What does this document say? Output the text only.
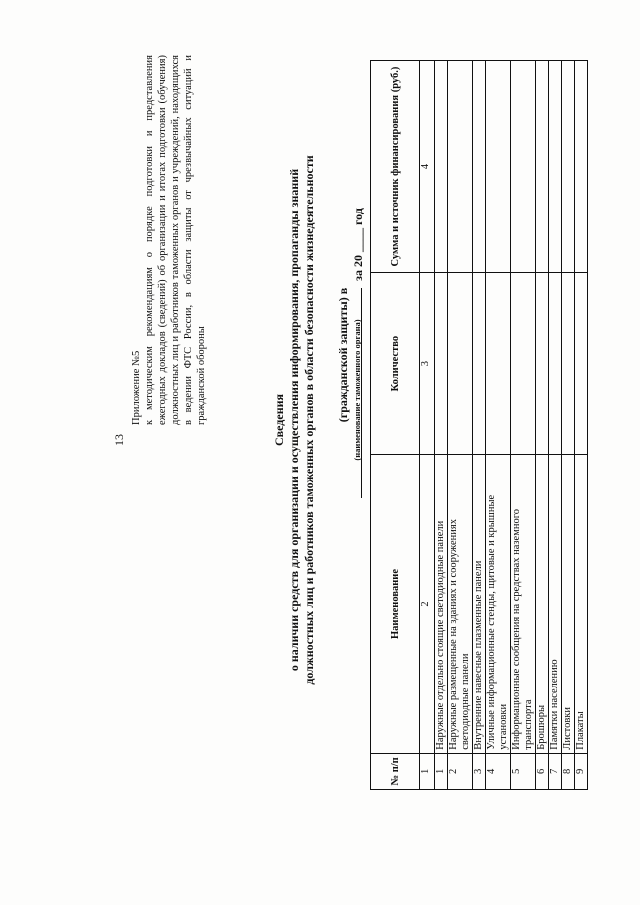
13
Приложение №5 к методическим рекомендациям о порядке подготовки и представления ежегодных докладов (сведений) об организации и итогах подготовки (обучения) должностных лиц и работников таможенных органов и учреждений, находящихся в ведении ФТС России, в области защиты от чрезвычайных ситуаций и гражданской обороны	Сведения о наличии средств для организации и осуществления информирования, пропаганды знаний должностных лиц и работников таможенных органов в области безопасности жизнедеятельности (гражданской защиты) в  за 20 ____ год
(наименование таможенного органа)
№ п/п	Наименование	Количество	Сумма и источник финансирования (руб.)
1	2	3	4
1	Наружные отдельно стоящие светодиодные панели		
2	Наружные размещенные на зданиях и сооружениях светодиодные панели		
3	Внутренние навесные плазменные панели		
4	Уличные информационные стенды, щитовые и крышные установки		
5	Информационные сообщения на средствах наземного транспорта		
6	Брошюры		
7	Памятки населению		
8	Листовки		
9	Плакаты		
